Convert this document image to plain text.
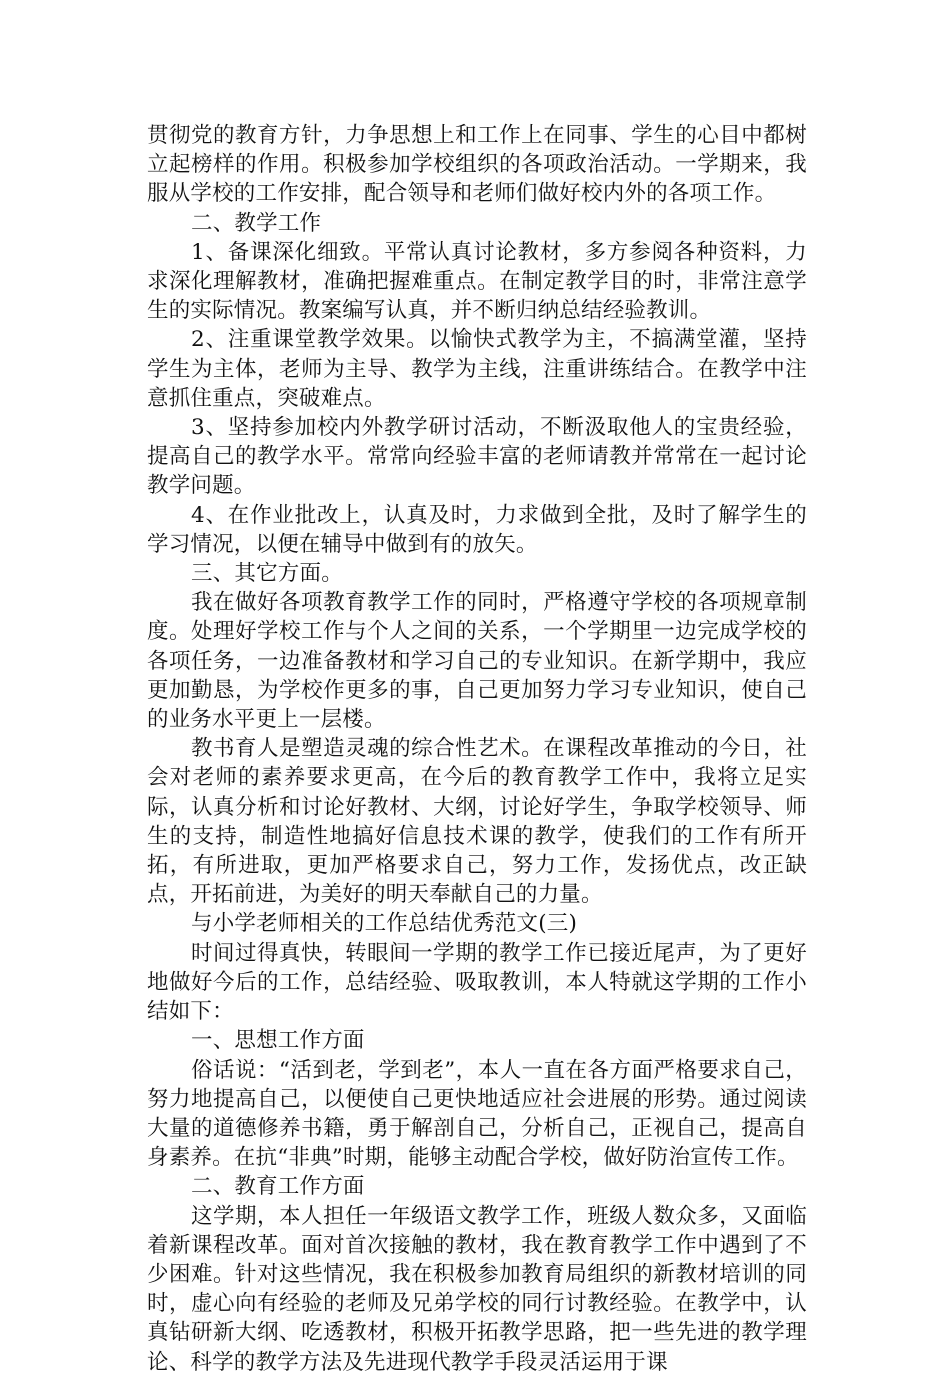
贯彻党的教育方针，力争思想上和工作上在同事、学生的心目中都树立起榜样的作用。积极参加学校组织的各项政治活动。一学期来，我服从学校的工作安排，配合领导和老师们做好校内外的各项工作。

二、教学工作

1、备课深化细致。平常认真讨论教材，多方参阅各种资料，力求深化理解教材，准确把握难重点。在制定教学目的时，非常注意学生的实际情况。教案编写认真，并不断归纳总结经验教训。

2、注重课堂教学效果。以愉快式教学为主，不搞满堂灌，坚持学生为主体，老师为主导、教学为主线，注重讲练结合。在教学中注意抓住重点，突破难点。

3、坚持参加校内外教学研讨活动，不断汲取他人的宝贵经验，提高自己的教学水平。常常向经验丰富的老师请教并常常在一起讨论教学问题。

4、在作业批改上，认真及时，力求做到全批，及时了解学生的学习情况，以便在辅导中做到有的放矢。

三、其它方面。

我在做好各项教育教学工作的同时，严格遵守学校的各项规章制度。处理好学校工作与个人之间的关系，一个学期里一边完成学校的各项任务，一边准备教材和学习自己的专业知识。在新学期中，我应更加勤恳，为学校作更多的事，自己更加努力学习专业知识，使自己的业务水平更上一层楼。

教书育人是塑造灵魂的综合性艺术。在课程改革推动的今日，社会对老师的素养要求更高，在今后的教育教学工作中，我将立足实际，认真分析和讨论好教材、大纲，讨论好学生，争取学校领导、师生的支持，制造性地搞好信息技术课的教学，使我们的工作有所开拓，有所进取，更加严格要求自己，努力工作，发扬优点，改正缺点，开拓前进，为美好的明天奉献自己的力量。

与小学老师相关的工作总结优秀范文(三)

时间过得真快，转眼间一学期的教学工作已接近尾声，为了更好地做好今后的工作，总结经验、吸取教训，本人特就这学期的工作小结如下：

一、思想工作方面

俗话说：“活到老，学到老”，本人一直在各方面严格要求自己，努力地提高自己，以便使自己更快地适应社会进展的形势。通过阅读大量的道德修养书籍，勇于解剖自己，分析自己，正视自己，提高自身素养。在抗“非典”时期，能够主动配合学校，做好防治宣传工作。

二、教育工作方面

这学期，本人担任一年级语文教学工作，班级人数众多，又面临着新课程改革。面对首次接触的教材，我在教育教学工作中遇到了不少困难。针对这些情况，我在积极参加教育局组织的新教材培训的同时，虚心向有经验的老师及兄弟学校的同行讨教经验。在教学中，认真钻研新大纲、吃透教材，积极开拓教学思路，把一些先进的教学理论、科学的教学方法及先进现代教学手段灵活运用于课
